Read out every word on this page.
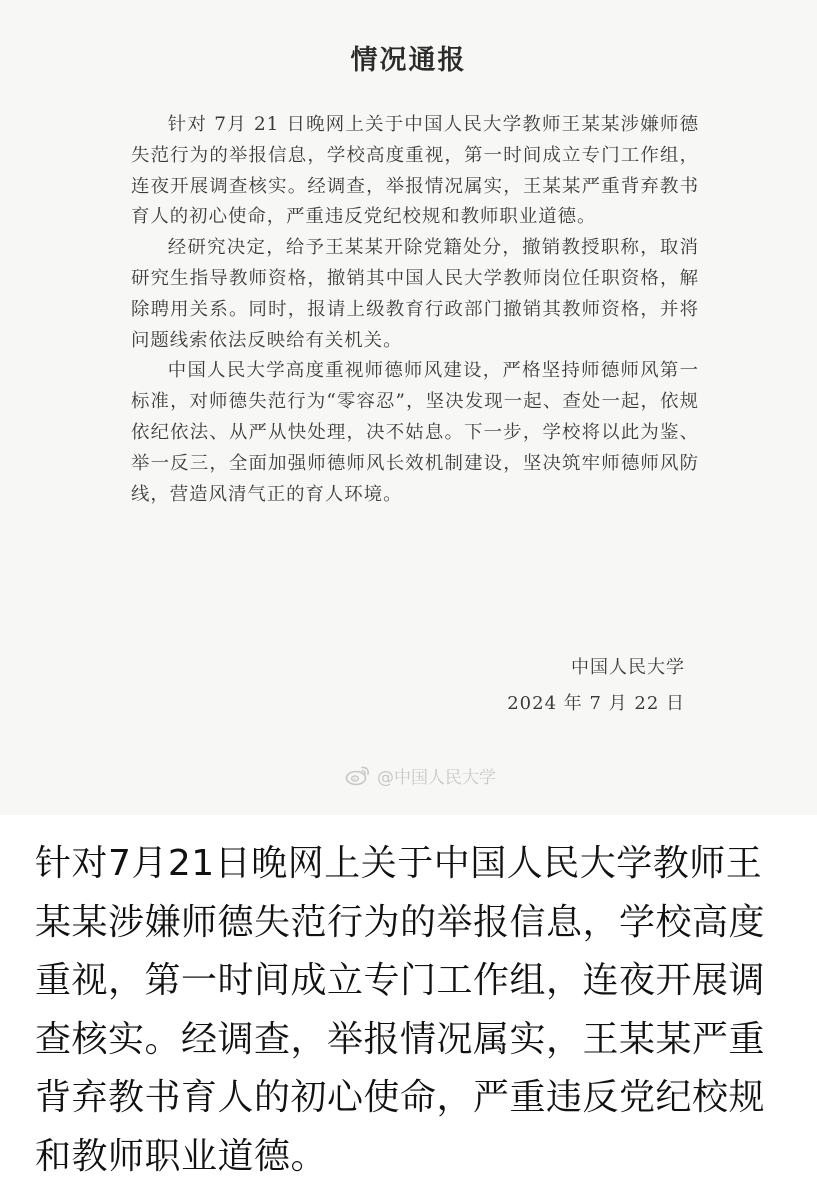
情况通报

针对 7月 21 日晚网上关于中国人民大学教师王某某涉嫌师德失范行为的举报信息，学校高度重视，第一时间成立专门工作组，连夜开展调查核实。经调查，举报情况属实，王某某严重背弃教书育人的初心使命，严重违反党纪校规和教师职业道德。

经研究决定，给予王某某开除党籍处分，撤销教授职称，取消研究生指导教师资格，撤销其中国人民大学教师岗位任职资格，解除聘用关系。同时，报请上级教育行政部门撤销其教师资格，并将问题线索依法反映给有关机关。

中国人民大学高度重视师德师风建设，严格坚持师德师风第一标准，对师德失范行为“零容忍”，坚决发现一起、查处一起，依规依纪依法、从严从快处理，决不姑息。下一步，学校将以此为鉴、举一反三，全面加强师德师风长效机制建设，坚决筑牢师德师风防线，营造风清气正的育人环境。

中国人民大学
2024 年 7 月 22 日
@中国人民大学

针对7月21日晚网上关于中国人民大学教师王某某涉嫌师德失范行为的举报信息，学校高度重视，第一时间成立专门工作组，连夜开展调查核实。经调查，举报情况属实，王某某严重背弃教书育人的初心使命，严重违反党纪校规和教师职业道德。
